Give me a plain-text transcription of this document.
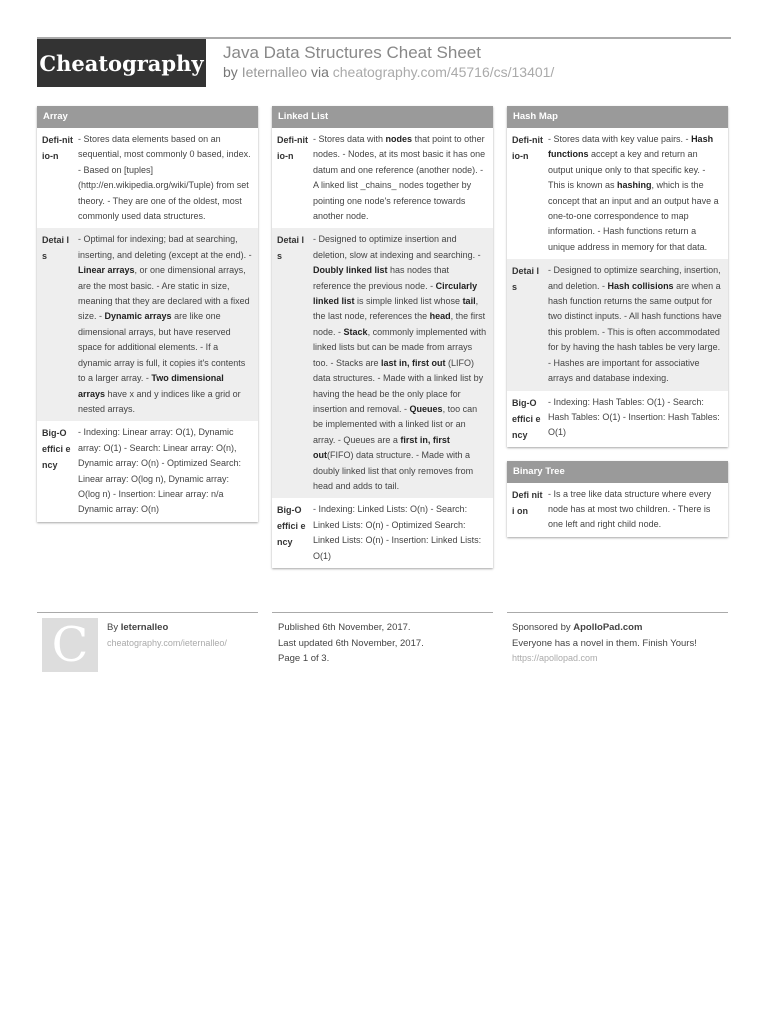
Cheatography Java Data Structures Cheat Sheet
by Ieternalleo via cheatography.com/45716/cs/13401/
Array
Defi-nitio-n
- Stores data elements based on an sequential, most commonly 0 based, index. - Based on [tuples] (http://en.wikipedia.org/wiki/Tuple) from set theory. - They are one of the oldest, most commonly used data structures.
Detai ls
- Optimal for indexing; bad at searching, inserting, and deleting (except at the end). - Linear arrays, or one dimensional arrays, are the most basic. - Are static in size, meaning that they are declared with a fixed size. - Dynamic arrays are like one dimensional arrays, but have reserved space for additional elements. - If a dynamic array is full, it copies it's contents to a larger array. - Two dimensional arrays have x and y indices like a grid or nested arrays.
Big-O effici ency
- Indexing: Linear array: O(1), Dynamic array: O(1) - Search: Linear array: O(n), Dynamic array: O(n) - Optimized Search: Linear array: O(log n), Dynamic array: O(log n) - Insertion: Linear array: n/a Dynamic array: O(n)
Linked List
Defi-nitio-n
- Stores data with nodes that point to other nodes. - Nodes, at its most basic it has one datum and one reference (another node). - A linked list _chains_ nodes together by pointing one node's reference towards another node.
Detai ls
- Designed to optimize insertion and deletion, slow at indexing and searching. - Doubly linked list has nodes that reference the previous node. - Circularly linked list is simple linked list whose tail, the last node, references the head, the first node. - Stack, commonly implemented with linked lists but can be made from arrays too. - Stacks are last in, first out (LIFO) data structures. - Made with a linked list by having the head be the only place for insertion and removal. - Queues, too can be implemented with a linked list or an array. - Queues are a first in, first out(FIFO) data structure. - Made with a doubly linked list that only removes from head and adds to tail.
Big-O effici ency
- Indexing: Linked Lists: O(n) - Search: Linked Lists: O(n) - Optimized Search: Linked Lists: O(n) - Insertion: Linked Lists: O(1)
Hash Map
Defi-nitio-n
- Stores data with key value pairs. - Hash functions accept a key and return an output unique only to that specific key. - This is known as hashing, which is the concept that an input and an output have a one-to-one correspondence to map information. - Hash functions return a unique address in memory for that data.
Detai ls
- Designed to optimize searching, insertion, and deletion. - Hash collisions are when a hash function returns the same output for two distinct inputs. - All hash functions have this problem. - This is often accommodated for by having the hash tables be very large. - Hashes are important for associative arrays and database indexing.
Big-O effici ency
- Indexing: Hash Tables: O(1) - Search: Hash Tables: O(1) - Insertion: Hash Tables: O(1)
Binary Tree
Defi niti on
- Is a tree like data structure where every node has at most two children. - There is one left and right child node.
C	By Ieternalleo
cheatography.com/ieternalleo/
Published 6th November, 2017.
Last updated 6th November, 2017.
Page 1 of 3.
Sponsored by ApolloPad.com
Everyone has a novel in them. Finish Yours!
https://apollopad.com
